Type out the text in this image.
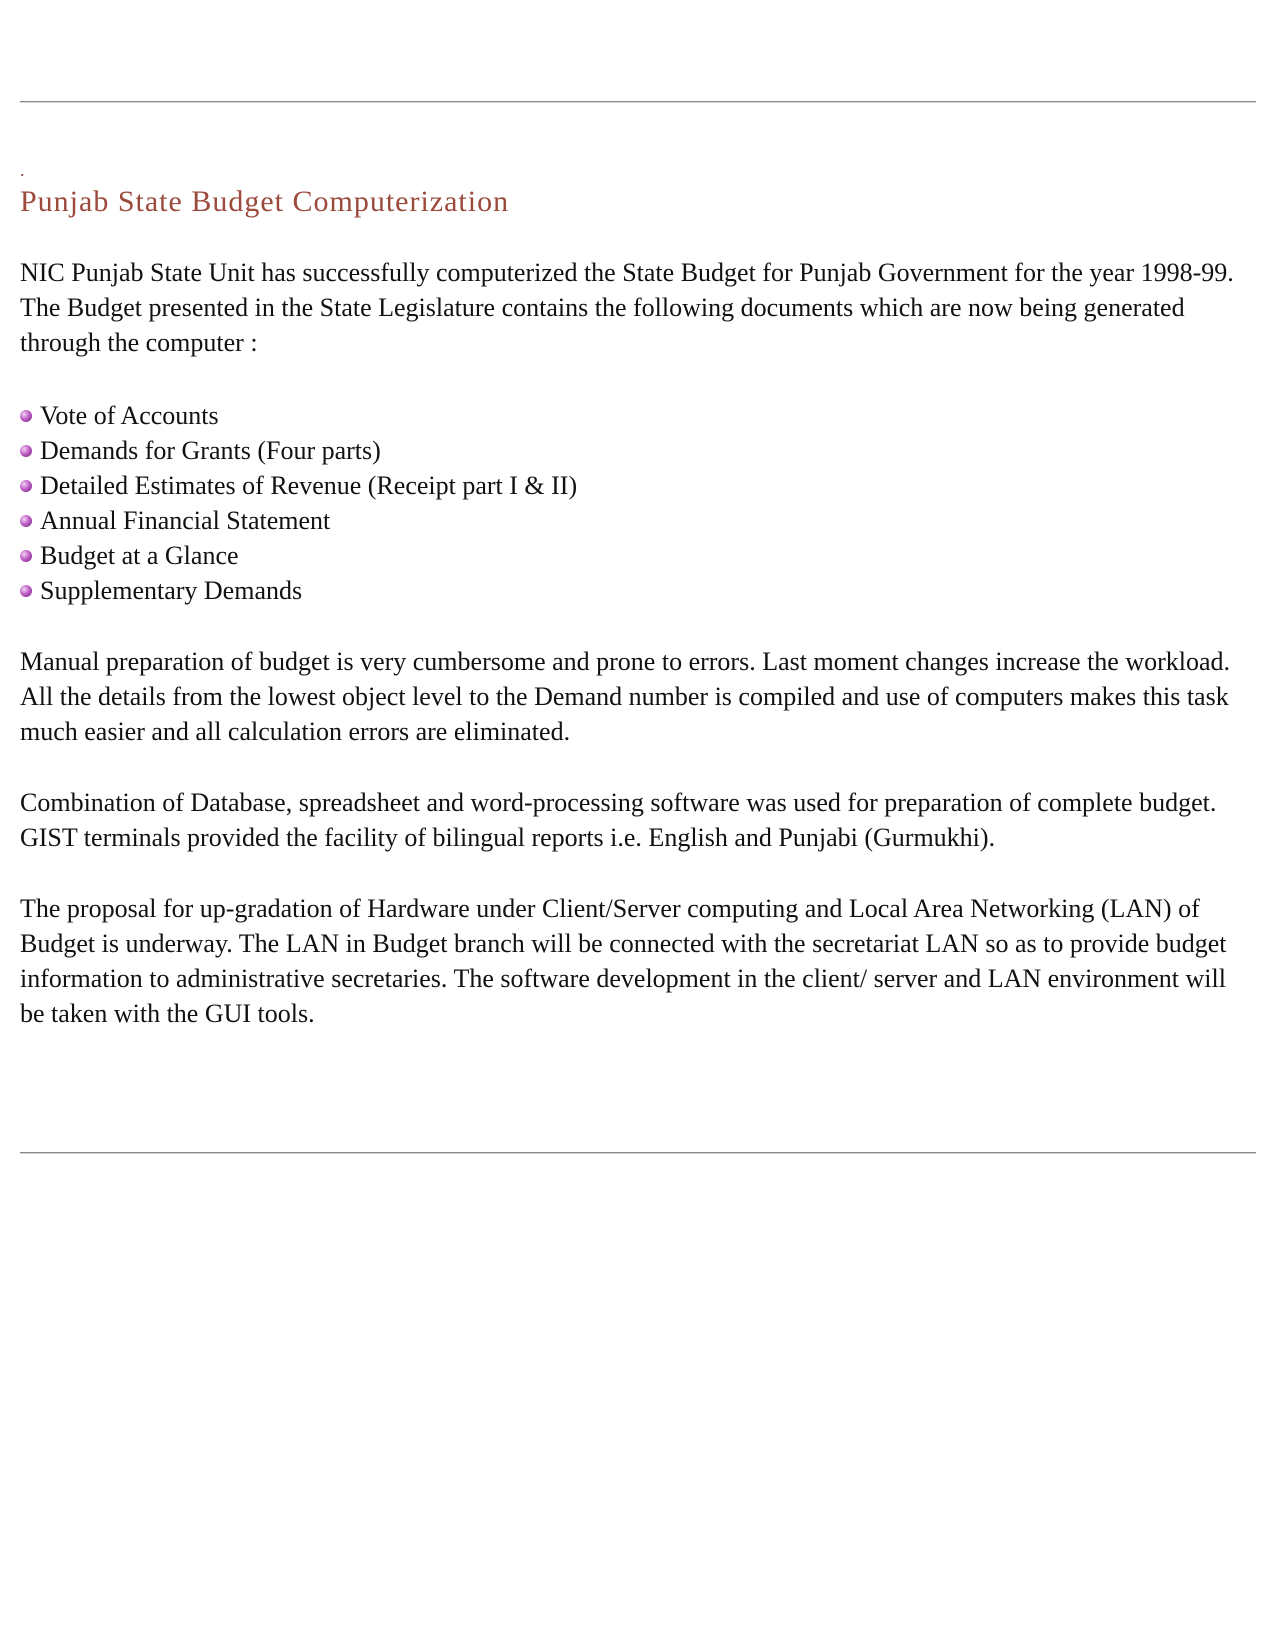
.
Punjab State Budget Computerization

NIC Punjab State Unit has successfully computerized the State Budget for Punjab Government for the year 1998-99. The Budget presented in the State Legislature contains the following documents which are now being generated through the computer :

Vote of Accounts
Demands for Grants (Four parts)
Detailed Estimates of Revenue (Receipt part I & II)
Annual Financial Statement
Budget at a Glance
Supplementary Demands

Manual preparation of budget is very cumbersome and prone to errors. Last moment changes increase the workload. All the details from the lowest object level to the Demand number is compiled and use of computers makes this task much easier and all calculation errors are eliminated.

Combination of Database, spreadsheet and word-processing software was used for preparation of complete budget. GIST terminals provided the facility of bilingual reports i.e. English and Punjabi (Gurmukhi).

The proposal for up-gradation of Hardware under Client/Server computing and Local Area Networking (LAN) of Budget is underway. The LAN in Budget branch will be connected with the secretariat LAN so as to provide budget information to administrative secretaries. The software development in the client/ server and LAN environment will be taken with the GUI tools.
